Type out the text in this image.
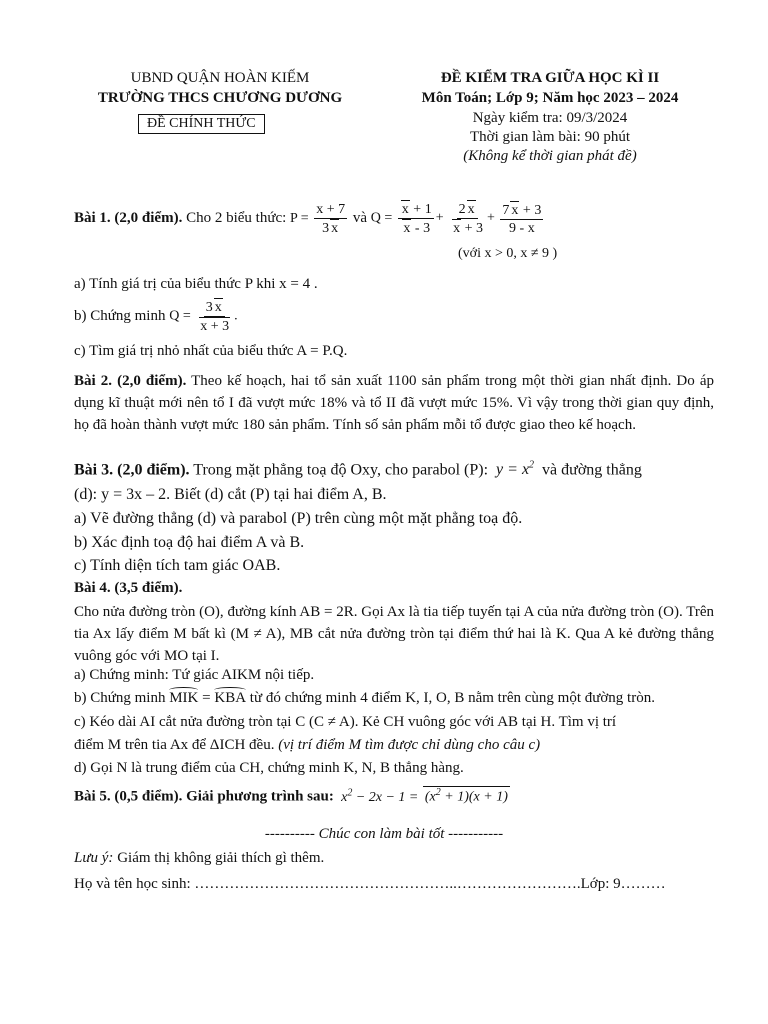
UBND QUẬN HOÀN KIẾM
TRƯỜNG THCS CHƯƠNG DƯƠNG
ĐỀ CHÍNH THỨC
ĐỀ KIỂM TRA GIỮA HỌC KÌ II
Môn Toán; Lớp 9; Năm học 2023 – 2024
Ngày kiểm tra: 09/3/2024
Thời gian làm bài: 90 phút
(Không kể thời gian phát đề)
Bài 1. (2,0 điểm).
Cho 2 biểu thức:
$P = \frac{x + 7}{3 x}$
và
$Q = \frac{x + 1}{x - 3} + \frac{2 x}{x + 3} + \frac{7 x + 3}{9 - x}$
(với x > 0, x ≠ 9 )
a) Tính giá trị của biểu thức P khi x = 4 .
b) Chứng minh
$Q = \frac{3 x}{x + 3}$ .
c) Tìm giá trị nhỏ nhất của biểu thức A = P.Q.
Bài 2. (2,0 điểm). Theo kế hoạch, hai tổ sản xuất 1100 sản phẩm trong một thời gian nhất định. Do áp dụng kĩ thuật mới nên tổ I đã vượt mức 18% và tổ II đã vượt mức 15%. Vì vậy trong thời gian quy định, họ đã hoàn thành vượt mức 180 sản phẩm. Tính số sản phẩm mỗi tổ được giao theo kế hoạch.
Bài 3. (2,0 điểm). Trong mặt phẳng toạ độ Oxy, cho parabol (P):  $y = x^2$ và đường thẳng
(d): y = 3x – 2. Biết (d) cắt (P) tại hai điểm A, B.
a) Vẽ đường thẳng (d) và parabol (P) trên cùng một mặt phẳng toạ độ.
b) Xác định toạ độ hai điểm A và B.
c) Tính diện tích tam giác OAB.
Bài 4. (3,5 điểm).
Cho nửa đường tròn (O), đường kính AB = 2R. Gọi Ax là tia tiếp tuyến tại A của nửa đường tròn (O). Trên tia Ax lấy điểm M bất kì (M ≠ A), MB cắt nửa đường tròn tại điểm thứ hai là K. Qua A kẻ đường thẳng vuông góc với MO tại I.
a) Chứng minh: Tứ giác AIKM nội tiếp.
b) Chứng minh MIK = KBA từ đó chứng minh 4 điểm K, I, O, B nằm trên cùng một đường tròn.
c) Kéo dài AI cắt nửa đường tròn tại C (C ≠ A). Kẻ CH vuông góc với AB tại H. Tìm vị trí
điểm M trên tia Ax để ΔICH đều. (vị trí điểm M tìm được chỉ dùng cho câu c)
d) Gọi N là trung điểm của CH, chứng minh K, N, B thẳng hàng.
Bài 5. (0,5 điểm). Giải phương trình sau:  $x^2 - 2x - 1 = (x^2 + 1)(x + 1)$
---------- Chúc con làm bài tốt -----------
Lưu ý: Giám thị không giải thích gì thêm.
Họ và tên học sinh: ……………………………………………..…………………….Lớp: 9………
